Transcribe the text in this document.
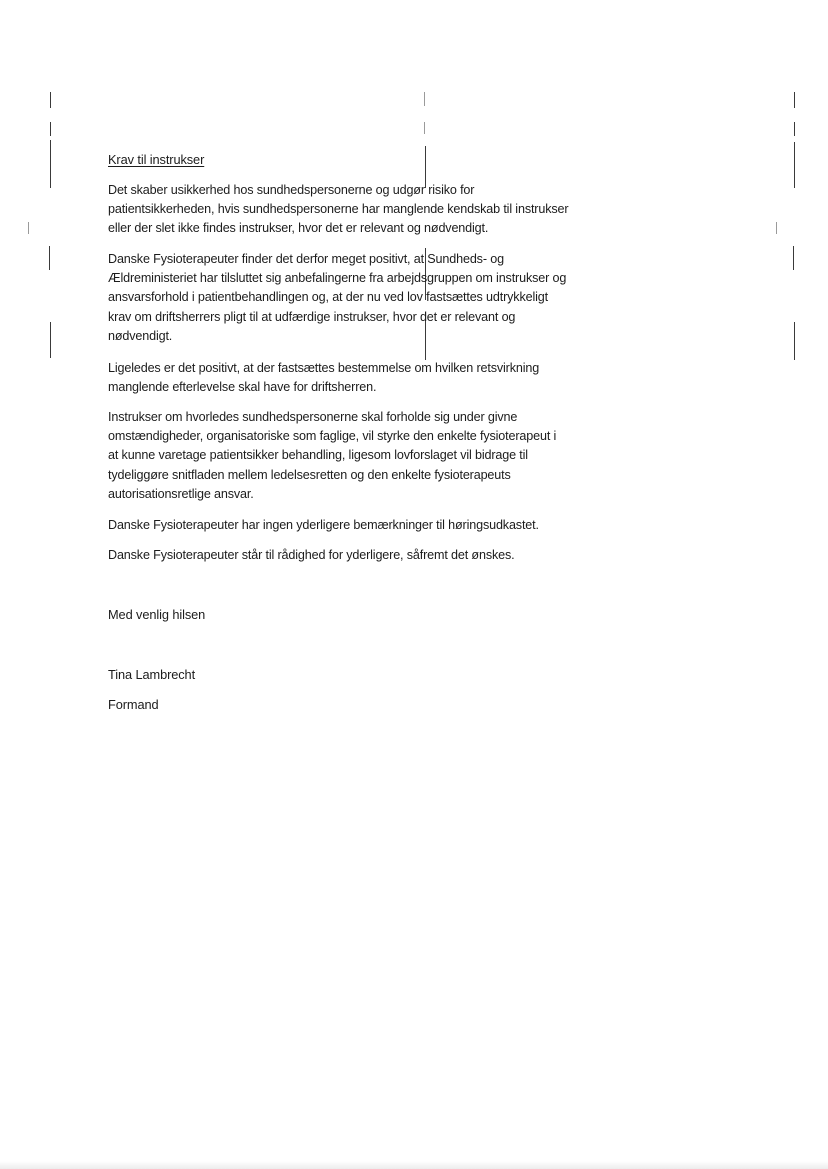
Krav til instrukser
Det skaber usikkerhed hos sundhedspersonerne og udgør risiko for
patientsikkerheden, hvis sundhedspersonerne har manglende kendskab til instrukser
eller der slet ikke findes instrukser, hvor det er relevant og nødvendigt.
Danske Fysioterapeuter finder det derfor meget positivt, at Sundheds- og
Ældreministeriet har tilsluttet sig anbefalingerne fra arbejdsgruppen om instrukser og
ansvarsforhold i patientbehandlingen og, at der nu ved lov fastsættes udtrykkeligt
krav om driftsherrers pligt til at udfærdige instrukser, hvor det er relevant og
nødvendigt.
Ligeledes er det positivt, at der fastsættes bestemmelse om hvilken retsvirkning
manglende efterlevelse skal have for driftsherren.
Instrukser om hvorledes sundhedspersonerne skal forholde sig under givne
omstændigheder, organisatoriske som faglige, vil styrke den enkelte fysioterapeut i
at kunne varetage patientsikker behandling, ligesom lovforslaget vil bidrage til
tydeliggøre snitfladen mellem ledelsesretten og den enkelte fysioterapeuts
autorisationsretlige ansvar.
Danske Fysioterapeuter har ingen yderligere bemærkninger til høringsudkastet.
Danske Fysioterapeuter står til rådighed for yderligere, såfremt det ønskes.
Med venlig hilsen
Tina Lambrecht
Formand
